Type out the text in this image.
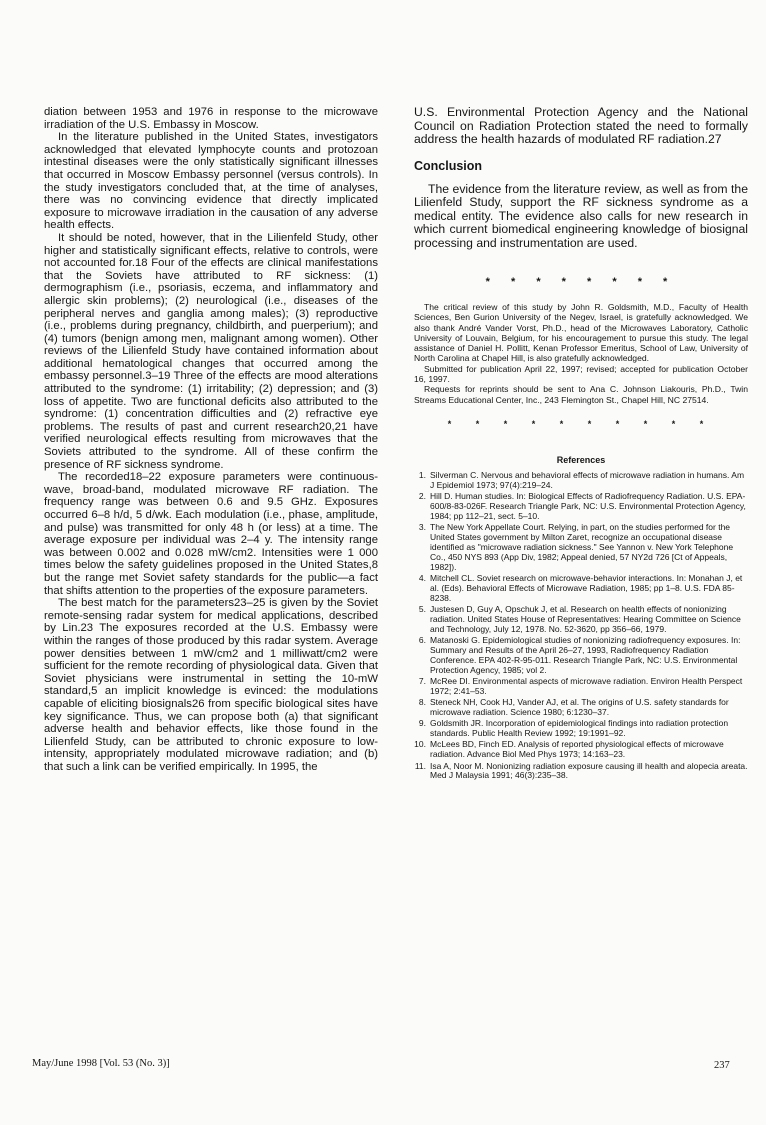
diation between 1953 and 1976 in response to the microwave irradiation of the U.S. Embassy in Moscow.

In the literature published in the United States, investigators acknowledged that elevated lymphocyte counts and protozoan intestinal diseases were the only statistically significant illnesses that occurred in Moscow Embassy personnel (versus controls). In the study investigators concluded that, at the time of analyses, there was no convincing evidence that directly implicated exposure to microwave irradiation in the causation of any adverse health effects.

It should be noted, however, that in the Lilienfeld Study, other higher and statistically significant effects, relative to controls, were not accounted for.18 Four of the effects are clinical manifestations that the Soviets have attributed to RF sickness: (1) dermographism (i.e., psoriasis, eczema, and inflammatory and allergic skin problems); (2) neurological (i.e., diseases of the peripheral nerves and ganglia among males); (3) reproductive (i.e., problems during pregnancy, childbirth, and puerperium); and (4) tumors (benign among men, malignant among women). Other reviews of the Lilienfeld Study have contained information about additional hematological changes that occurred among the embassy personnel.3–19 Three of the effects are mood alterations attributed to the syndrome: (1) irritability; (2) depression; and (3) loss of appetite. Two are functional deficits also attributed to the syndrome: (1) concentration difficulties and (2) refractive eye problems. The results of past and current research20,21 have verified neurological effects resulting from microwaves that the Soviets attributed to the syndrome. All of these confirm the presence of RF sickness syndrome.

The recorded18–22 exposure parameters were continuous-wave, broad-band, modulated microwave RF radiation. The frequency range was between 0.6 and 9.5 GHz. Exposures occurred 6–8 h/d, 5 d/wk. Each modulation (i.e., phase, amplitude, and pulse) was transmitted for only 48 h (or less) at a time. The average exposure per individual was 2–4 y. The intensity range was between 0.002 and 0.028 mW/cm2. Intensities were 1 000 times below the safety guidelines proposed in the United States,8 but the range met Soviet safety standards for the public—a fact that shifts attention to the properties of the exposure parameters.

The best match for the parameters23–25 is given by the Soviet remote-sensing radar system for medical applications, described by Lin.23 The exposures recorded at the U.S. Embassy were within the ranges of those produced by this radar system. Average power densities between 1 mW/cm2 and 1 milliwatt/cm2 were sufficient for the remote recording of physiological data. Given that Soviet physicians were instrumental in setting the 10-mW standard,5 an implicit knowledge is evinced: the modulations capable of eliciting biosignals26 from specific biological sites have key significance. Thus, we can propose both (a) that significant adverse health and behavior effects, like those found in the Lilienfeld Study, can be attributed to chronic exposure to low-intensity, appropriately modulated microwave radiation; and (b) that such a link can be verified empirically. In 1995, the

U.S. Environmental Protection Agency and the National Council on Radiation Protection stated the need to formally address the health hazards of modulated RF radiation.27

Conclusion

The evidence from the literature review, as well as from the Lilienfeld Study, support the RF sickness syndrome as a medical entity. The evidence also calls for new research in which current biomedical engineering knowledge of biosignal processing and instrumentation are used.

* * * * * * * *

The critical review of this study by John R. Goldsmith, M.D., Faculty of Health Sciences, Ben Gurion University of the Negev, Israel, is gratefully acknowledged. We also thank André Vander Vorst, Ph.D., head of the Microwaves Laboratory, Catholic University of Louvain, Belgium, for his encouragement to pursue this study. The legal assistance of Daniel H. Pollitt, Kenan Professor Emeritus, School of Law, University of North Carolina at Chapel Hill, is also gratefully acknowledged.

Submitted for publication April 22, 1997; revised; accepted for publication October 16, 1997.

Requests for reprints should be sent to Ana C. Johnson Liakouris, Ph.D., Twin Streams Educational Center, Inc., 243 Flemington St., Chapel Hill, NC 27514.

* * * * * * * * * *
References
1. Silverman C. Nervous and behavioral effects of microwave radiation in humans. Am J Epidemiol 1973; 97(4):219–24.
2. Hill D. Human studies. In: Biological Effects of Radiofrequency Radiation. U.S. EPA-600/8-83-026F. Research Triangle Park, NC: U.S. Environmental Protection Agency, 1984; pp 112–21, sect. 5–10.
3. The New York Appellate Court. Relying, in part, on the studies performed for the United States government by Milton Zaret, recognize an occupational disease identified as "microwave radiation sickness." See Yannon v. New York Telephone Co., 450 NYS 893 (App Div, 1982; Appeal denied, 57 NY2d 726 [Ct of Appeals, 1982]).
4. Mitchell CL. Soviet research on microwave-behavior interactions. In: Monahan J, et al. (Eds). Behavioral Effects of Microwave Radiation, 1985; pp 1–8. U.S. FDA 85-8238.
5. Justesen D, Guy A, Opschuk J, et al. Research on health effects of nonionizing radiation. United States House of Representatives: Hearing Committee on Science and Technology, July 12, 1978. No. 52-3620, pp 356–66, 1979.
6. Matanoski G. Epidemiological studies of nonionizing radiofrequency exposures. In: Summary and Results of the April 26–27, 1993, Radiofrequency Radiation Conference. EPA 402-R-95-011. Research Triangle Park, NC: U.S. Environmental Protection Agency, 1985; vol 2.
7. McRee DI. Environmental aspects of microwave radiation. Environ Health Perspect 1972; 2:41–53.
8. Steneck NH, Cook HJ, Vander AJ, et al. The origins of U.S. safety standards for microwave radiation. Science 1980; 6:1230–37.
9. Goldsmith JR. Incorporation of epidemiological findings into radiation protection standards. Public Health Review 1992; 19:1991–92.
10. McLees BD, Finch ED. Analysis of reported physiological effects of microwave radiation. Advance Biol Med Phys 1973; 14:163–23.
11. Isa A, Noor M. Nonionizing radiation exposure causing ill health and alopecia areata. Med J Malaysia 1991; 46(3):235–38.
May/June 1998 [Vol. 53 (No. 3)]	237
